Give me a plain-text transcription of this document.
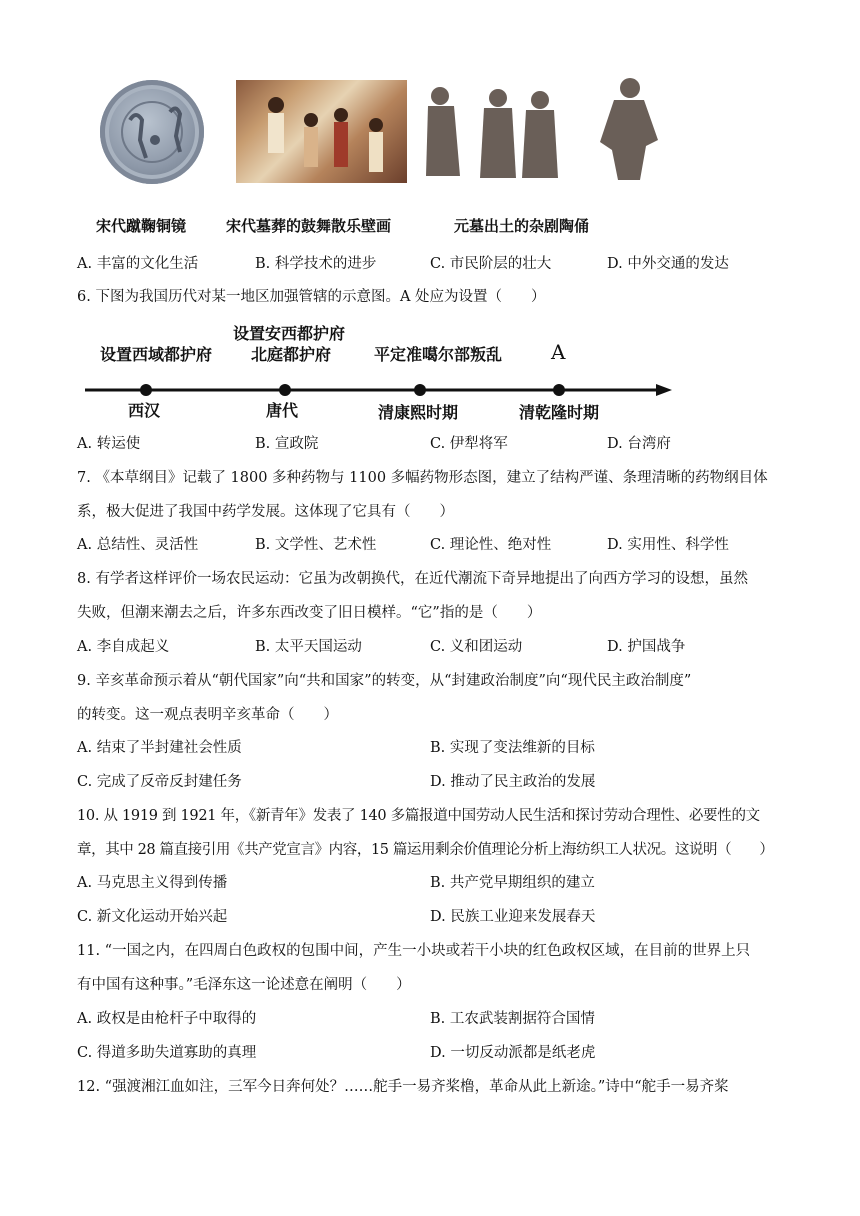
宋代蹴鞠铜镜	宋代墓葬的鼓舞散乐壁画	元墓出土的杂剧陶俑
A. 丰富的文化生活	B. 科学技术的进步	C. 市民阶层的壮大	D. 中外交通的发达
6. 下图为我国历代对某一地区加强管辖的示意图。A 处应为设置（　　）
设置西域都护府
设置安西都护府
北庭都护府	平定准噶尔部叛乱 A
西汉	唐代	清康熙时期	清乾隆时期
A. 转运使	B. 宣政院	C. 伊犁将军	D. 台湾府
7. 《本草纲目》记载了 1800 多种药物与 1100 多幅药物形态图，建立了结构严谨、条理清晰的药物纲目体
系，极大促进了我国中药学发展。这体现了它具有（　　）
A. 总结性、灵活性	B. 文学性、艺术性	C. 理论性、绝对性	D. 实用性、科学性
8. 有学者这样评价一场农民运动：它虽为改朝换代，在近代潮流下奇异地提出了向西方学习的设想，虽然
失败，但潮来潮去之后，许多东西改变了旧日模样。“它”指的是（　　）
A. 李自成起义	B. 太平天国运动	C. 义和团运动	D. 护国战争
9. 辛亥革命预示着从“朝代国家”向“共和国家”的转变，从“封建政治制度”向“现代民主政治制度”
的转变。这一观点表明辛亥革命（　　）
A. 结束了半封建社会性质	B. 实现了变法维新的目标
C. 完成了反帝反封建任务	D. 推动了民主政治的发展
10. 从 1919 到 1921 年，《新青年》发表了 140 多篇报道中国劳动人民生活和探讨劳动合理性、必要性的文
章，其中 28 篇直接引用《共产党宣言》内容，15 篇运用剩余价值理论分析上海纺织工人状况。这说明（　　）
A. 马克思主义得到传播	B. 共产党早期组织的建立
C. 新文化运动开始兴起	D. 民族工业迎来发展春天
11. “一国之内，在四周白色政权的包围中间，产生一小块或若干小块的红色政权区域，在目前的世界上只
有中国有这种事。”毛泽东这一论述意在阐明（　　）
A. 政权是由枪杆子中取得的	B. 工农武装割据符合国情
C. 得道多助失道寡助的真理	D. 一切反动派都是纸老虎
12. “强渡湘江血如注，三军今日奔何处？……舵手一易齐桨橹，革命从此上新途。”诗中“舵手一易齐桨
